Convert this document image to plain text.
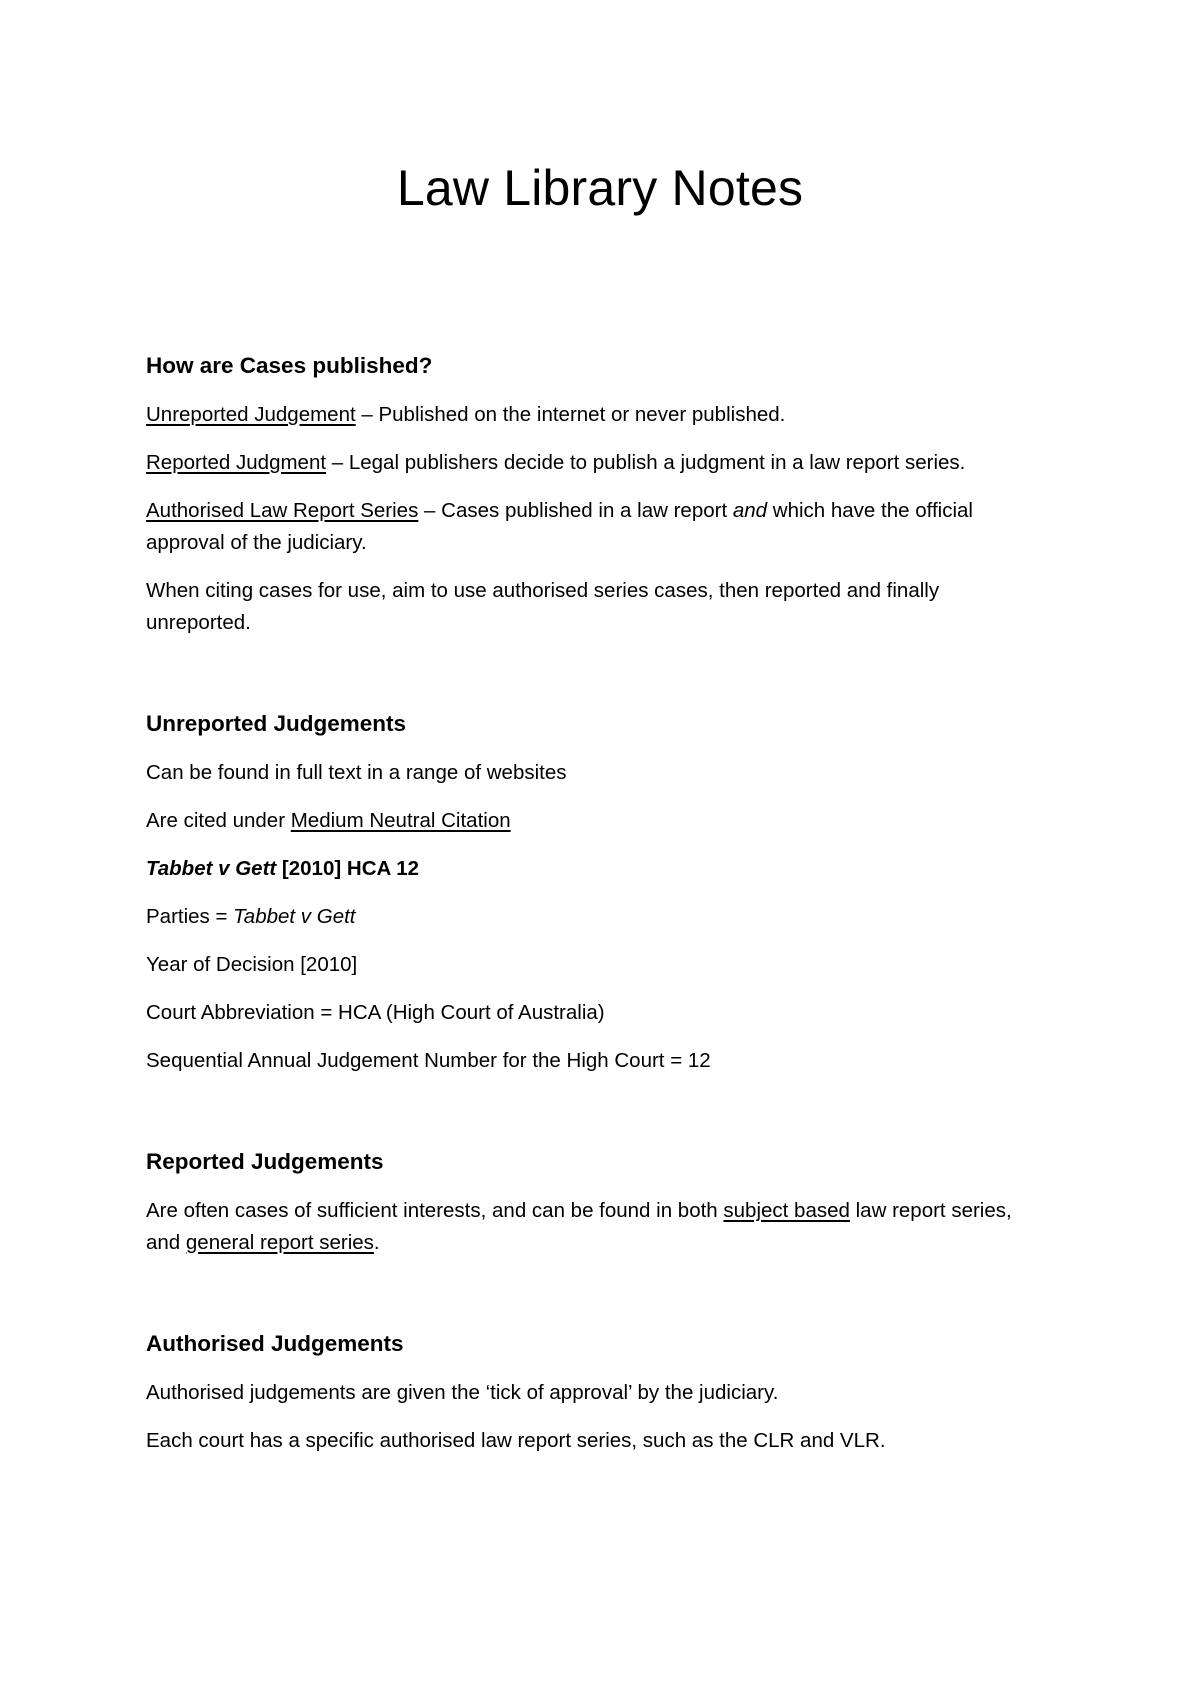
Law Library Notes
How are Cases published?
Unreported Judgement – Published on the internet or never published.
Reported Judgment – Legal publishers decide to publish a judgment in a law report series.
Authorised Law Report Series – Cases published in a law report and which have the official approval of the judiciary.
When citing cases for use, aim to use authorised series cases, then reported and finally unreported.
Unreported Judgements
Can be found in full text in a range of websites
Are cited under Medium Neutral Citation
Tabbet v Gett [2010] HCA 12
Parties = Tabbet v Gett
Year of Decision [2010]
Court Abbreviation = HCA (High Court of Australia)
Sequential Annual Judgement Number for the High Court = 12
Reported Judgements
Are often cases of sufficient interests, and can be found in both subject based law report series, and general report series.
Authorised Judgements
Authorised judgements are given the ‘tick of approval’ by the judiciary.
Each court has a specific authorised law report series, such as the CLR and VLR.
